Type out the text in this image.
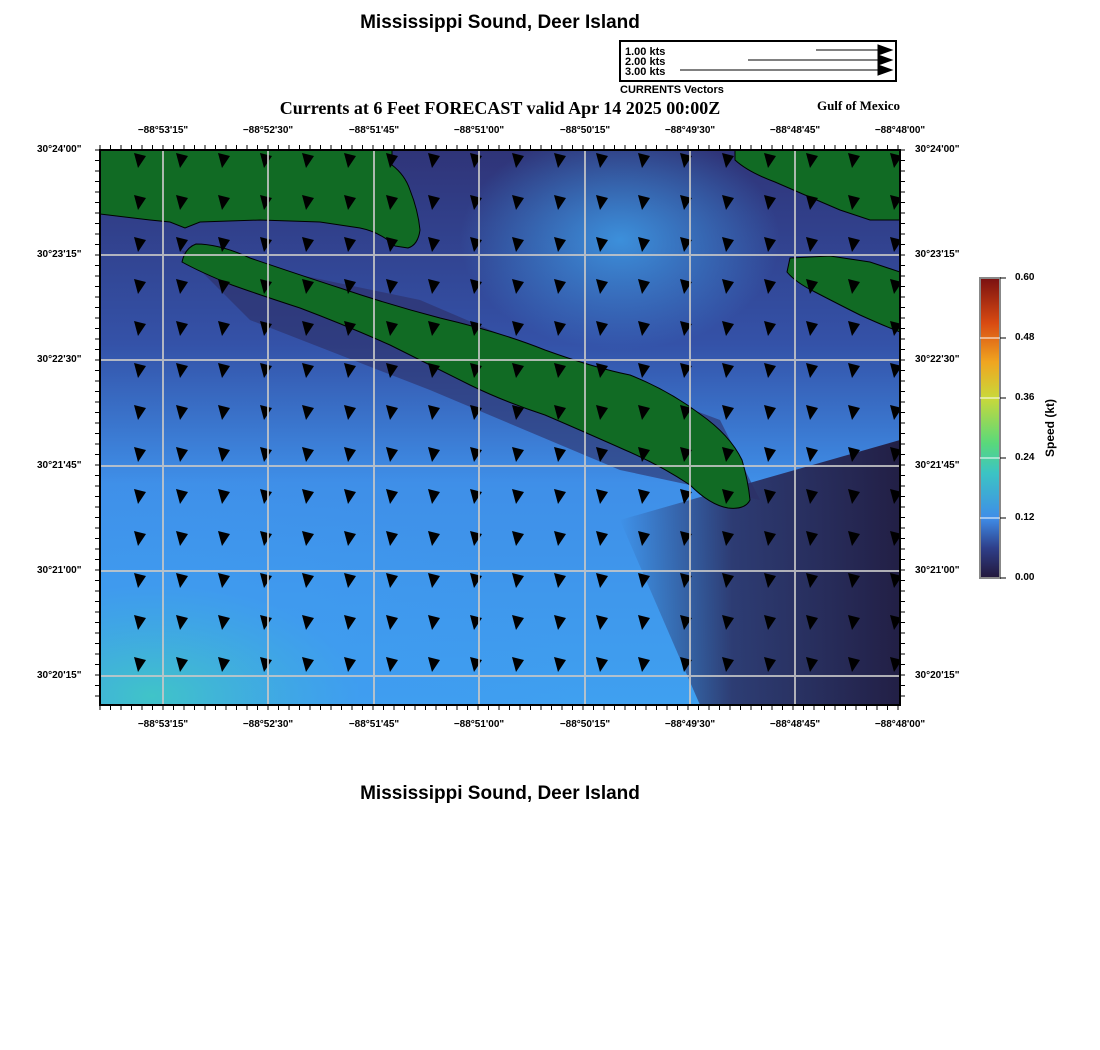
Mississippi Sound, Deer Island
Currents at 6 Feet FORECAST valid Apr 14 2025 00:00Z	Gulf of Mexico
1.00 kts
2.00 kts
3.00 kts
CURRENTS Vectors
−88°53'15"	−88°52'30"	−88°51'45"	−88°51'00"	−88°50'15"	−88°49'30"	−88°48'45"	−88°48'00"
−88°53'15"	−88°52'30"	−88°51'45"	−88°51'00"	−88°50'15"	−88°49'30"	−88°48'45"	−88°48'00"
30°24'00"
30°23'15"
30°22'30"
30°21'45"
30°21'00"
30°20'15"
30°24'00"
30°23'15"
30°22'30"
30°21'45"
30°21'00"
30°20'15"
0.60
0.48
0.36
0.24
0.12
0.00
Speed (kt)
Mississippi Sound, Deer Island
